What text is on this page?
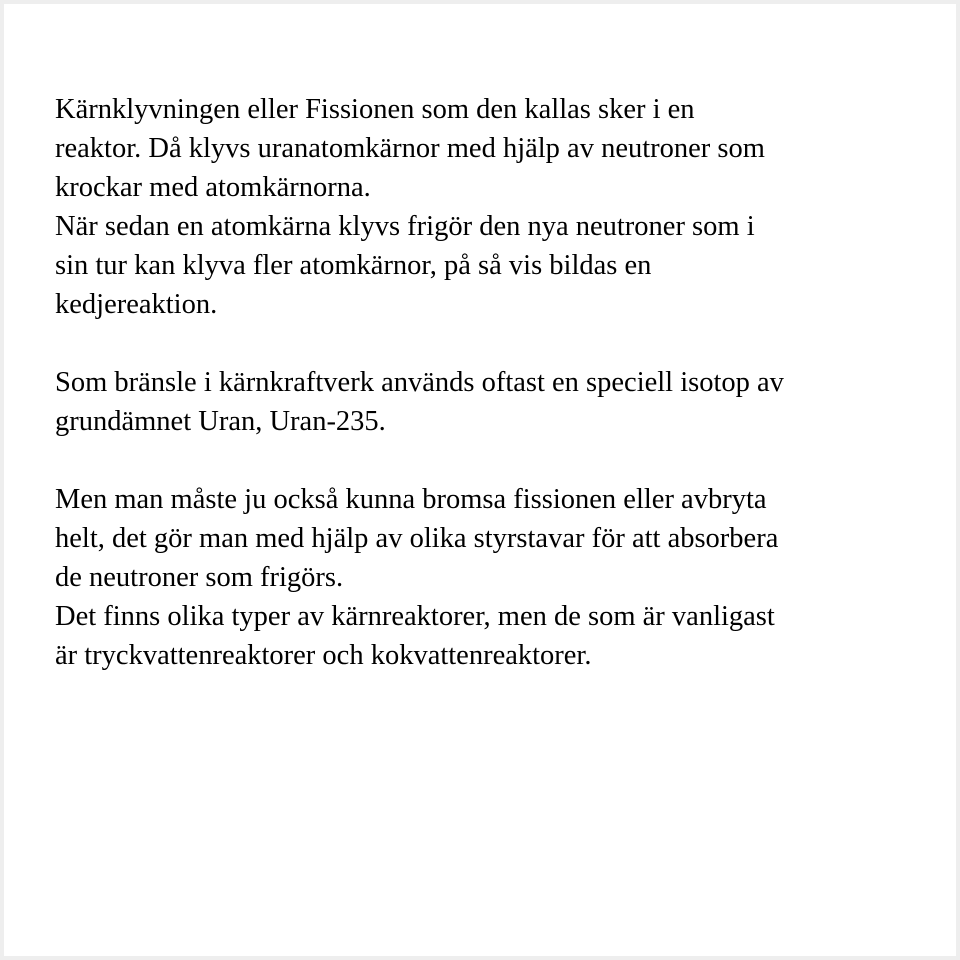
Kärnklyvningen eller Fissionen som den kallas sker i en
reaktor. Då klyvs uranatomkärnor med hjälp av neutroner som
krockar med atomkärnorna.
När sedan en atomkärna klyvs frigör den nya neutroner som i
sin tur kan klyva fler atomkärnor, på så vis bildas en
kedjereaktion.

Som bränsle i kärnkraftverk används oftast en speciell isotop av
grundämnet Uran, Uran-235.

Men man måste ju också kunna bromsa fissionen eller avbryta
helt, det gör man med hjälp av olika styrstavar för att absorbera
de neutroner som frigörs.
Det finns olika typer av kärnreaktorer, men de som är vanligast
är tryckvattenreaktorer och kokvattenreaktorer.
